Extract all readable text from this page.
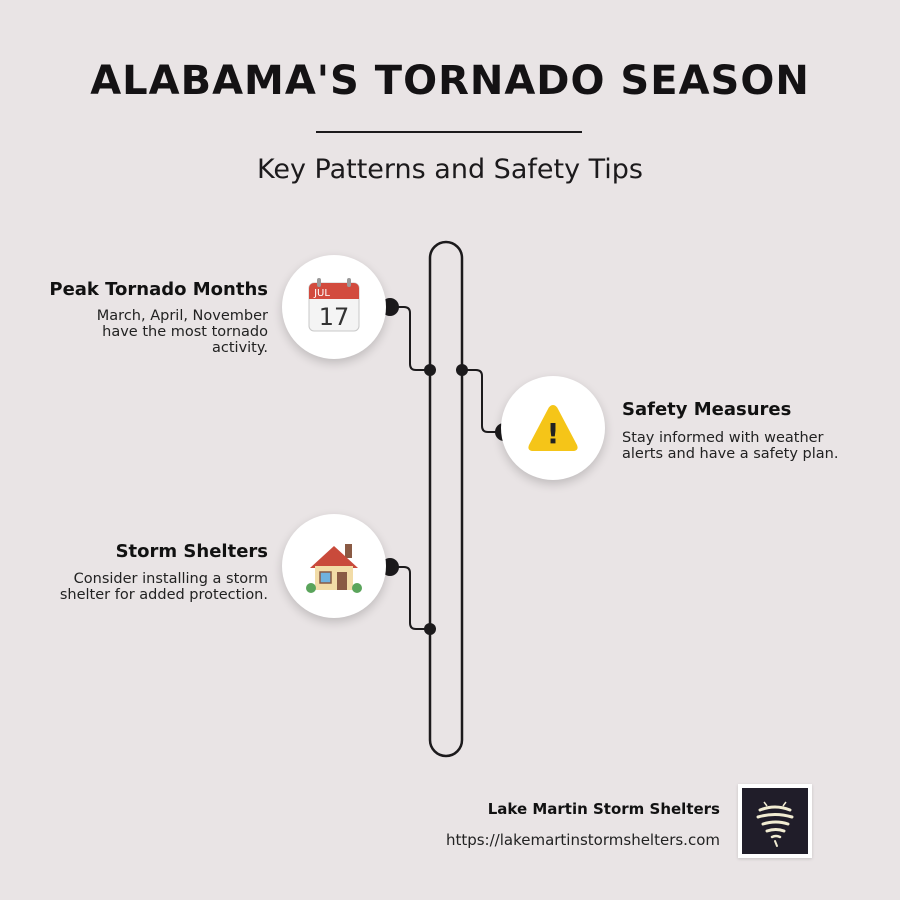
ALABAMA'S TORNADO SEASON
Key Patterns and Safety Tips
JUL
17
Peak Tornado Months
March, April, November have the most tornado activity.
!
Safety Measures
Stay informed with weather alerts and have a safety plan.
Storm Shelters
Consider installing a storm shelter for added protection.
Lake Martin Storm Shelters
https://lakemartinstormshelters.com
